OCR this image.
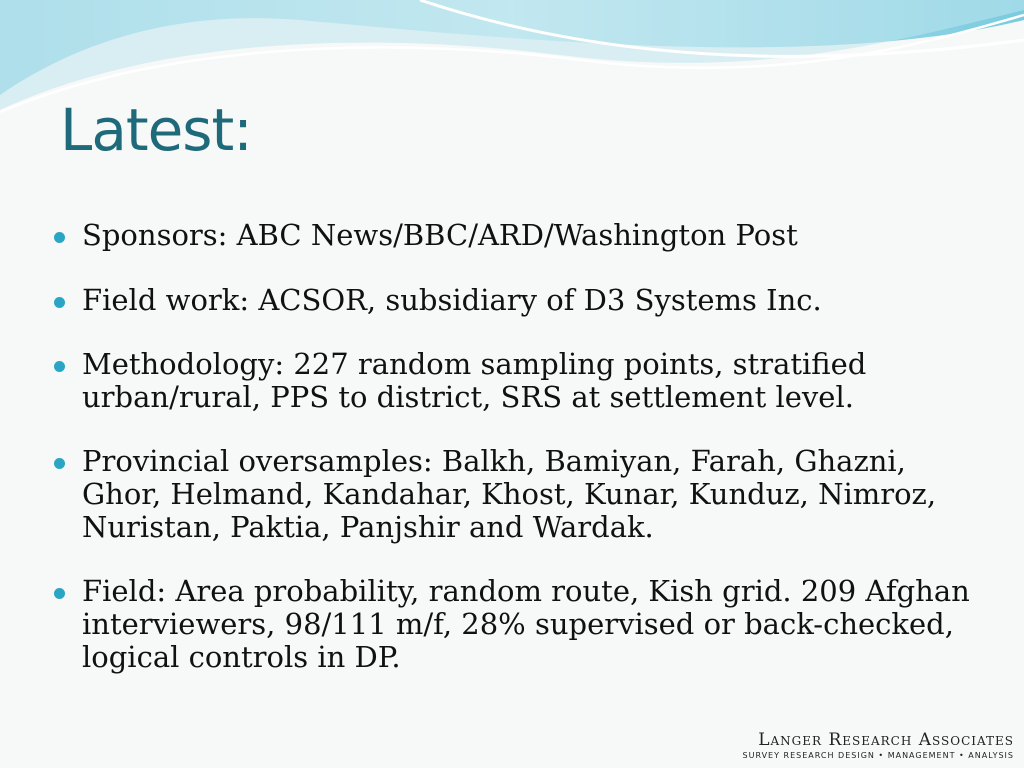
Latest:
Sponsors: ABC News/BBC/ARD/Washington Post
Field work: ACSOR, subsidiary of D3 Systems Inc.
Methodology: 227 random sampling points, stratified urban/rural, PPS to district, SRS at settlement level.
Provincial oversamples: Balkh, Bamiyan, Farah, Ghazni, Ghor, Helmand, Kandahar, Khost, Kunar, Kunduz, Nimroz, Nuristan, Paktia, Panjshir and Wardak.
Field: Area probability, random route, Kish grid. 209 Afghan interviewers, 98/111 m/f, 28% supervised or back-checked, logical controls in DP.
Langer Research Associates
SURVEY RESEARCH DESIGN • MANAGEMENT • ANALYSIS
